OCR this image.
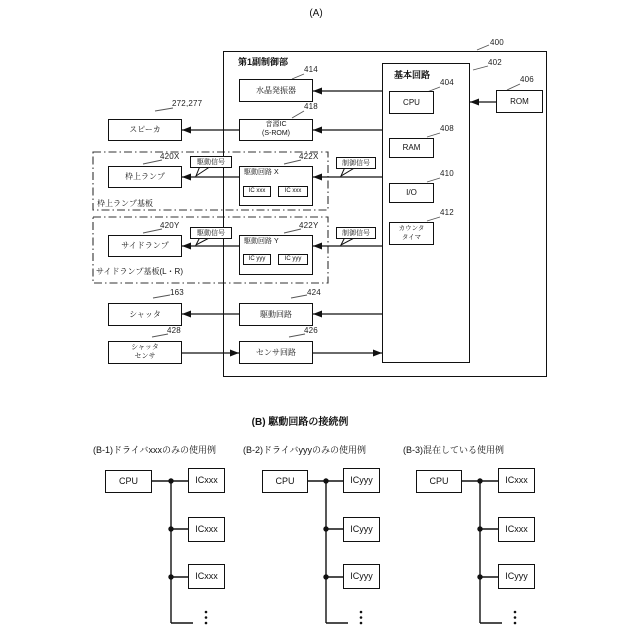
(A)
(B) 駆動回路の接続例
第1副制御部
基本回路
CPU
RAM
I/O
カウンタ
タイマ
ROM
水晶発振器
音源IC
(S-ROM)
スピーカ
枠上ランプ
サイドランプ
シャッタ
シャッタ
センサ
駆動回路 X
IC xxx	IC xxx
駆動回路 Y
IC yyy	IC yyy
駆動回路
センサ回路
枠上ランプ基板
サイドランプ基板(L・R)
駆動信号	制御信号
駆動信号	制御信号
400
402
404	406
408
410
412
414
418
272,277
420X	422X
420Y	422Y
163	424
428	426
(B-1)ドライバxxxのみの使用例	(B-2)ドライバyyyのみの使用例	(B-3)混在している使用例
CPU	ICxxx
ICxxx
ICxxx
CPU	ICyyy
ICyyy
ICyyy
CPU	ICxxx
ICxxx
ICyyy
